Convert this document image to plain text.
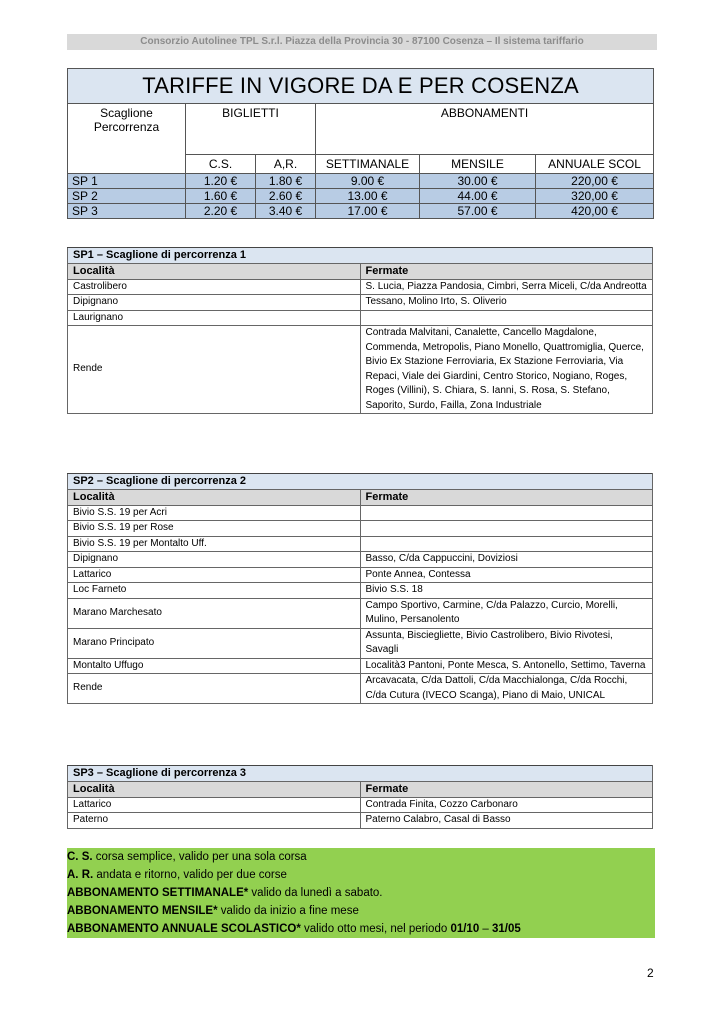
Consorzio Autolinee TPL S.r.l. Piazza della Provincia 30 - 87100 Cosenza – Il sistema tariffario
TARIFFE IN VIGORE DA E PER COSENZA					
Scaglione Percorrenza	BIGLIETTI		ABBONAMENTI		
	C.S.	A,R.	SETTIMANALE	MENSILE	ANNUALE SCOL
SP 1	1.20 €	1.80 €	9.00 €	30.00 €	220,00 €
SP 2	1.60 €	2.60 €	13.00 €	44.00 €	320,00 €
SP 3	2.20 €	3.40 €	17.00 €	57.00 €	420,00 €
SP1 – Scaglione di percorrenza 1	
Località	Fermate
Castrolibero	S. Lucia, Piazza Pandosia, Cimbri, Serra Miceli, C/da Andreotta
Dipignano	Tessano, Molino Irto, S. Oliverio
Laurignano	
Rende	Contrada Malvitani, Canalette, Cancello Magdalone, Commenda, Metropolis, Piano Monello, Quattromiglia, Querce, Bivio Ex Stazione Ferroviaria, Ex Stazione Ferroviaria, Via Repaci, Viale dei Giardini, Centro Storico, Nogiano, Roges, Roges (Villini), S. Chiara, S. Ianni, S. Rosa, S. Stefano, Saporito, Surdo, Failla, Zona Industriale
SP2 – Scaglione di percorrenza 2	
Località	Fermate
Bivio S.S. 19 per Acri	
Bivio S.S. 19 per Rose	
Bivio S.S. 19 per Montalto Uff.	
Dipignano	Basso, C/da Cappuccini, Doviziosi
Lattarico	Ponte Annea, Contessa
Loc Farneto	Bivio S.S. 18
Marano Marchesato	Campo Sportivo, Carmine, C/da Palazzo, Curcio, Morelli, Mulino, Persanolento
Marano Principato	Assunta, Bisciegliette, Bivio Castrolibero, Bivio Rivotesi, Savagli
Montalto Uffugo	Località3 Pantoni, Ponte Mesca, S. Antonello, Settimo, Taverna
Rende	Arcavacata, C/da Dattoli, C/da Macchialonga, C/da Rocchi, C/da Cutura (IVECO Scanga), Piano di Maio, UNICAL
SP3 – Scaglione di percorrenza 3	
Località	Fermate
Lattarico	Contrada Finita, Cozzo Carbonaro
Paterno	Paterno Calabro, Casal di Basso
C. S. corsa semplice, valido per una sola corsa
A. R. andata e ritorno, valido per due corse
ABBONAMENTO SETTIMANALE* valido da lunedì a sabato.
ABBONAMENTO MENSILE* valido da inizio a fine mese
ABBONAMENTO ANNUALE SCOLASTICO* valido otto mesi, nel periodo 01/10 – 31/05
2
